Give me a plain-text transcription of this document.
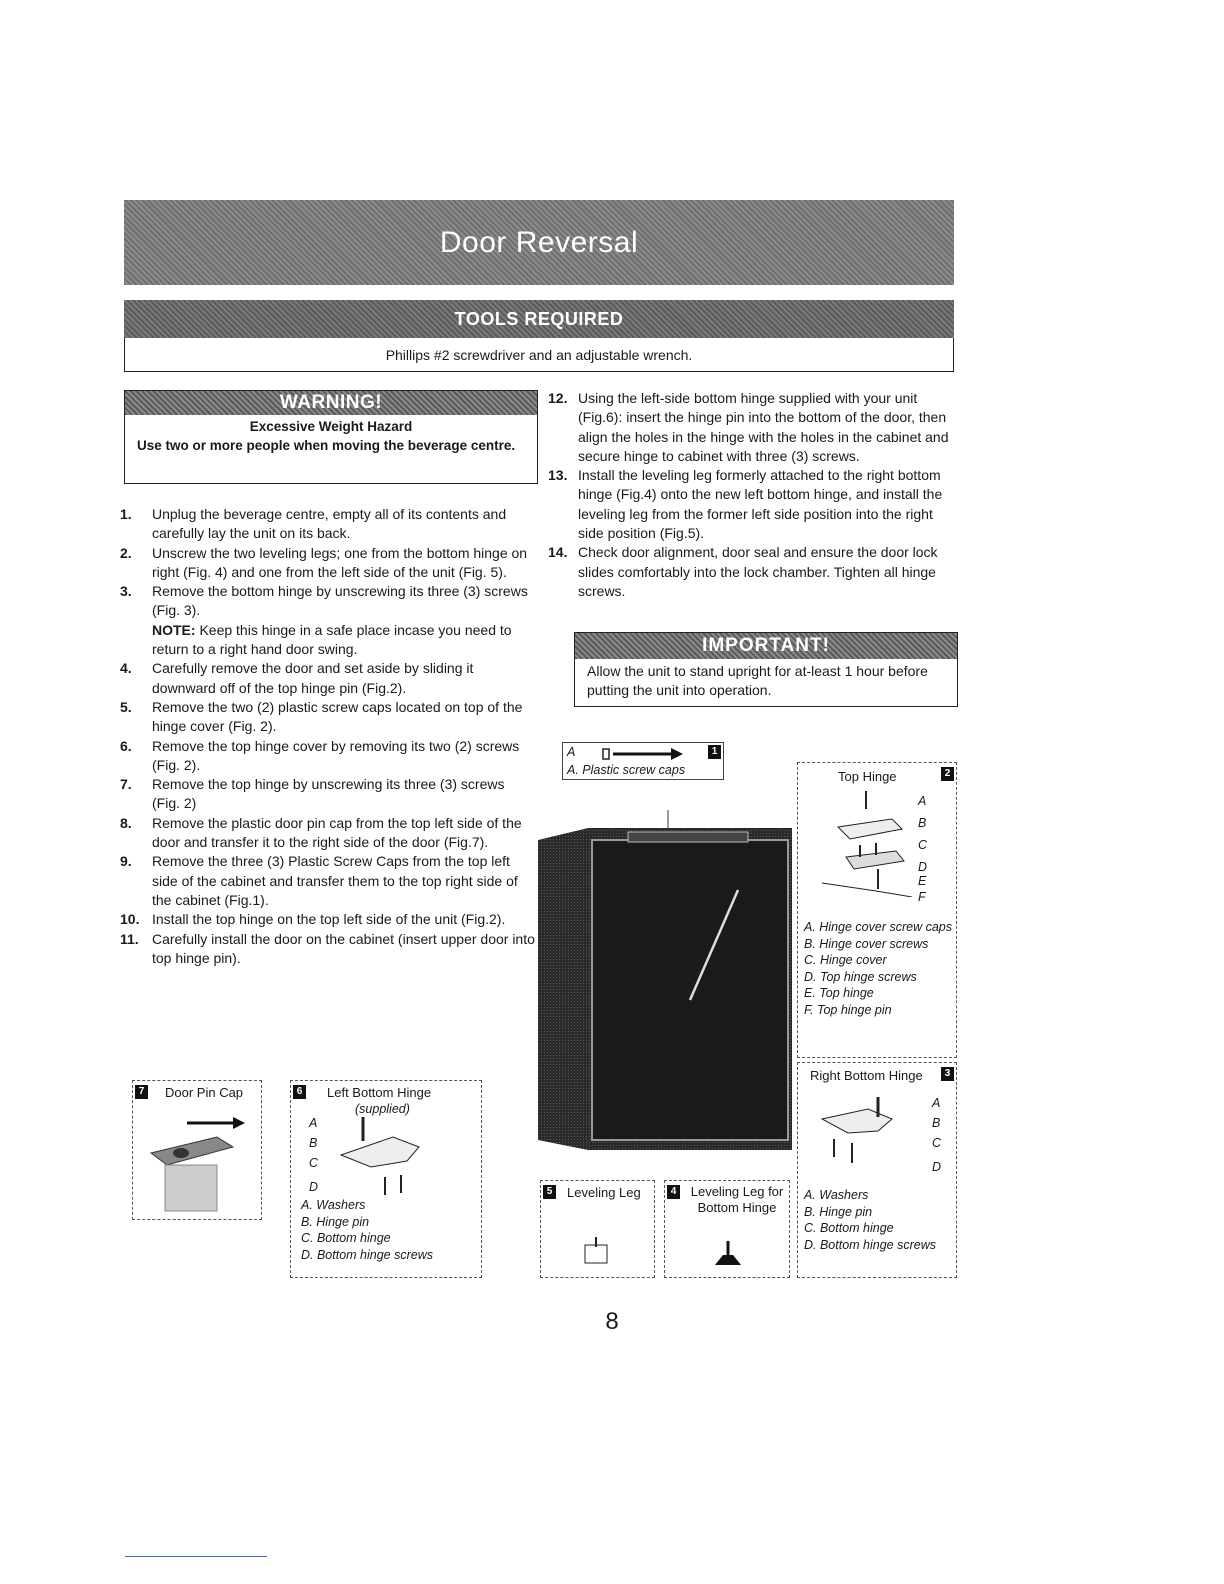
Door Reversal
TOOLS REQUIRED
Phillips #2 screwdriver and an adjustable wrench.
WARNING!
Excessive Weight Hazard
Use two or more people when moving the beverage centre.
1. Unplug the beverage centre, empty all of its contents and carefully lay the unit on its back.
2. Unscrew the two leveling legs; one from the bottom hinge on right (Fig. 4) and one from the left side of the unit (Fig. 5).
3. Remove the bottom hinge by unscrewing its three (3) screws (Fig. 3).
NOTE: Keep this hinge in a safe place incase you need to return to a right hand door swing.
4. Carefully remove the door and set aside by sliding it downward off of the top hinge pin (Fig.2).
5. Remove the two (2) plastic screw caps located on top of the hinge cover (Fig. 2).
6. Remove the top hinge cover by removing its two (2) screws (Fig. 2).
7. Remove the top hinge by unscrewing its three (3) screws (Fig. 2)
8. Remove the plastic door pin cap from the top left side of the door and transfer it to the right side of the door (Fig.7).
9. Remove the three (3) Plastic Screw Caps from the top left side of the cabinet and transfer them to the top right side of the cabinet (Fig.1).
10. Install the top hinge on the top left side of the unit (Fig.2).
11. Carefully install the door on the cabinet (insert upper door into top hinge pin).
12. Using the left-side bottom hinge supplied with your unit (Fig.6): insert the hinge pin into the bottom of the door, then align the holes in the hinge with the holes in the cabinet and secure hinge to cabinet with three (3) screws.
13. Install the leveling leg formerly attached to the right bottom hinge (Fig.4) onto the new left bottom hinge, and install the leveling leg from the former left side position into the right side position (Fig.5).
14. Check door alignment, door seal and ensure the door lock slides comfortably into the lock chamber. Tighten all hinge screws.
IMPORTANT!
Allow the unit to stand upright for at-least 1 hour before putting the unit into operation.
A	1
A. Plastic screw caps	Top Hinge	2
A
B
C
D
E
F
A. Hinge cover screw caps
B. Hinge cover screws
C. Hinge cover
D. Top hinge screws
E. Top hinge
F. Top hinge pin
Right Bottom Hinge	3
A
B
C
D
A. Washers
B. Hinge pin
C. Bottom hinge
D. Bottom hinge screws
5 Leveling Leg	4	Leveling Leg for Bottom Hinge
7 Door Pin Cap	6 Left Bottom Hinge
(supplied)
A
B
C
D
A. Washers
B. Hinge pin
C. Bottom hinge
D. Bottom hinge screws
8
